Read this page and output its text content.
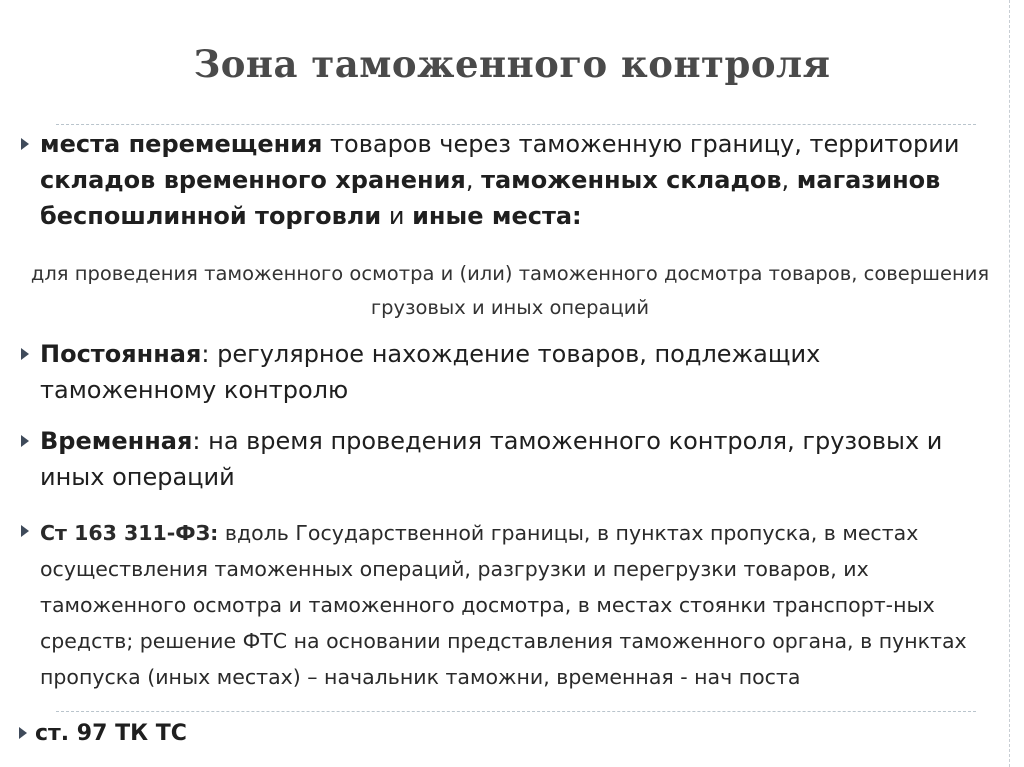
Зона таможенного контроля
места перемещения товаров через таможенную границу, территории складов временного хранения, таможенных складов, магазинов беспошлинной торговли и иные места:
для проведения таможенного осмотра и (или) таможенного досмотра товаров, совершения грузовых и иных операций
Постоянная: регулярное нахождение товаров, подлежащих таможенному контролю
Временная: на время проведения таможенного контроля, грузовых и иных операций
Ст 163 311-ФЗ: вдоль Государственной границы, в пунктах пропуска, в местах осуществления таможенных операций, разгрузки и перегрузки товаров, их таможенного осмотра и таможенного досмотра, в местах стоянки транспорт-ных средств; решение ФТС на основании представления таможенного органа, в пунктах пропуска (иных местах) – начальник таможни, временная - нач поста
ст. 97 ТК ТС
